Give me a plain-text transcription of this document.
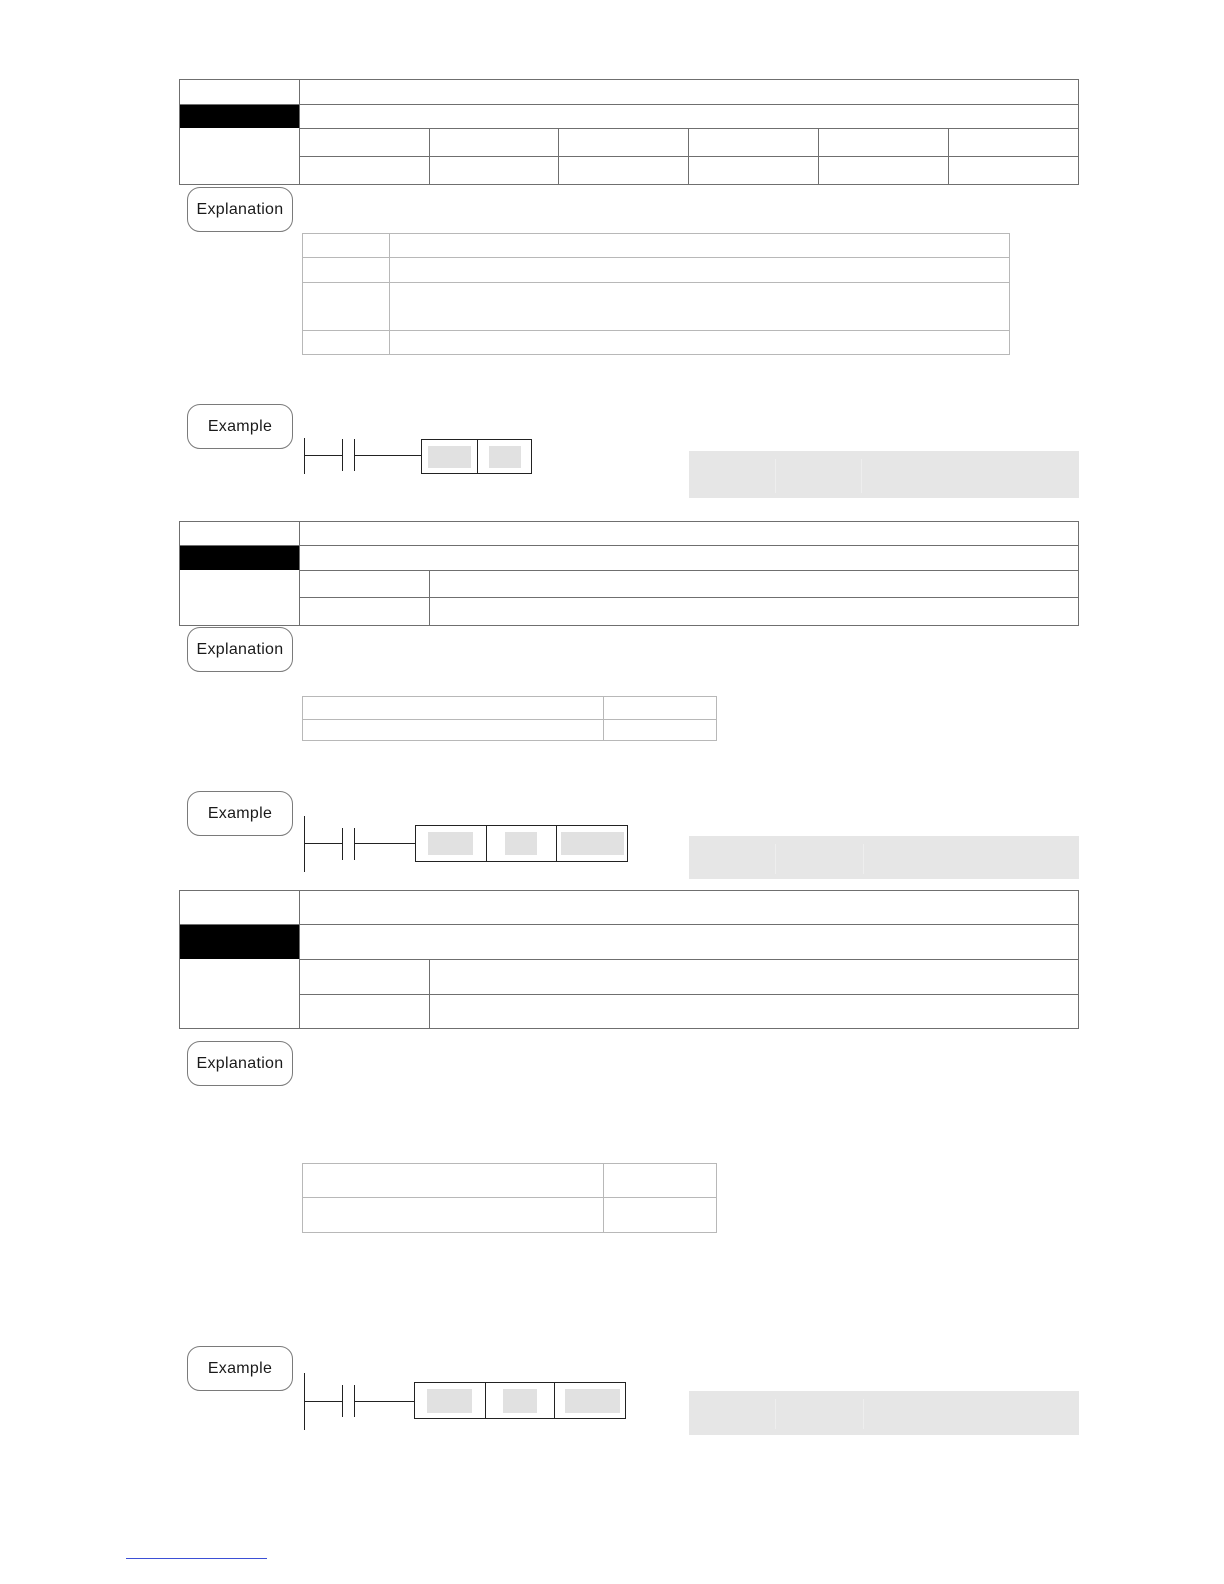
Explanation
Example
Explanation
Example
Explanation
Example
